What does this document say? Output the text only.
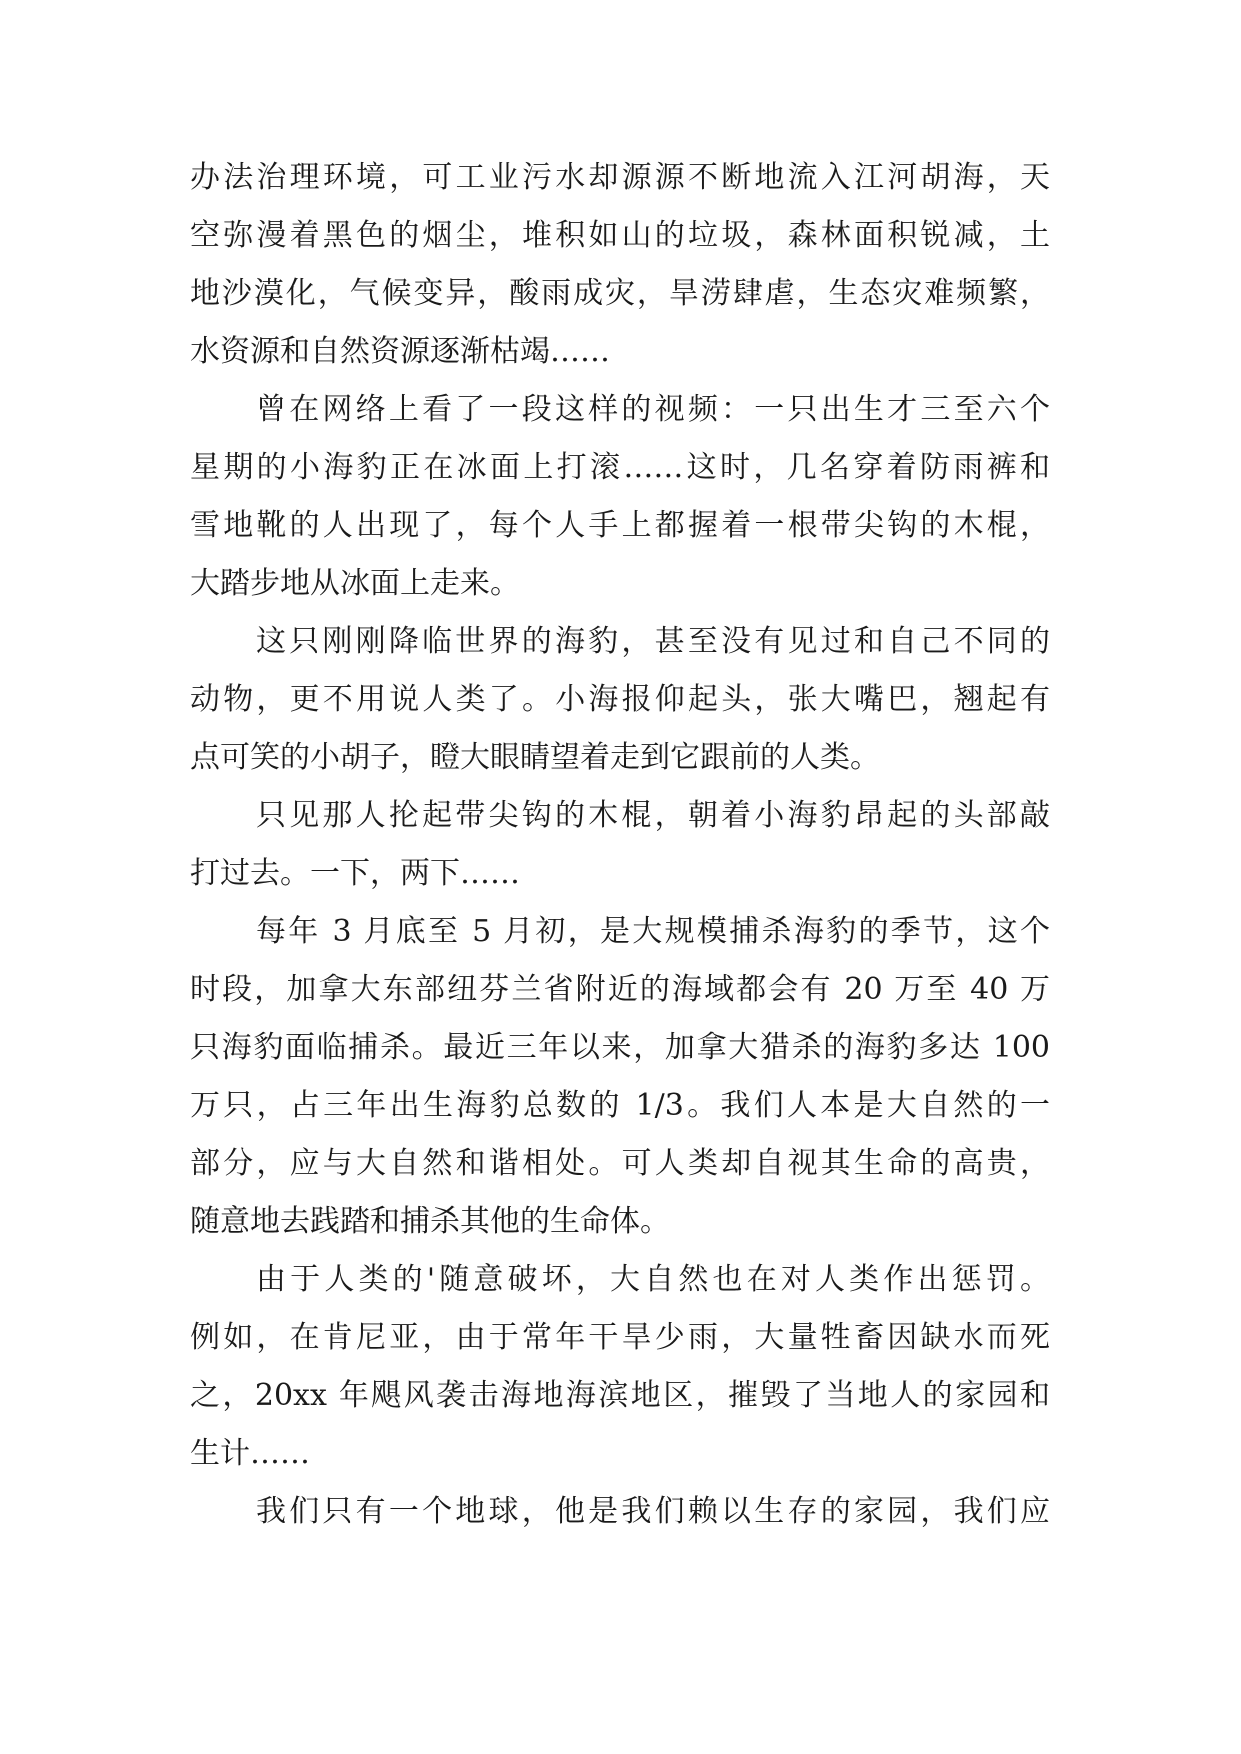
办法治理环境，可工业污水却源源不断地流入江河胡海，天
空弥漫着黑色的烟尘，堆积如山的垃圾，森林面积锐减，土
地沙漠化，气候变异，酸雨成灾，旱涝肆虐，生态灾难频繁，
水资源和自然资源逐渐枯竭……
曾在网络上看了一段这样的视频：一只出生才三至六个
星期的小海豹正在冰面上打滚……这时，几名穿着防雨裤和
雪地靴的人出现了，每个人手上都握着一根带尖钩的木棍，
大踏步地从冰面上走来。
这只刚刚降临世界的海豹，甚至没有见过和自己不同的
动物，更不用说人类了。小海报仰起头，张大嘴巴，翘起有
点可笑的小胡子，瞪大眼睛望着走到它跟前的人类。
只见那人抡起带尖钩的木棍，朝着小海豹昂起的头部敲
打过去。一下，两下……
每年 3 月底至 5 月初，是大规模捕杀海豹的季节，这个
时段，加拿大东部纽芬兰省附近的海域都会有 20 万至 40 万
只海豹面临捕杀。最近三年以来，加拿大猎杀的海豹多达 100
万只，占三年出生海豹总数的 1/3。我们人本是大自然的一
部分，应与大自然和谐相处。可人类却自视其生命的高贵，
随意地去践踏和捕杀其他的生命体。
由于人类的'随意破坏，大自然也在对人类作出惩罚。
例如，在肯尼亚，由于常年干旱少雨，大量牲畜因缺水而死
之，20xx 年飓风袭击海地海滨地区，摧毁了当地人的家园和
生计……
我们只有一个地球，他是我们赖以生存的家园，我们应
